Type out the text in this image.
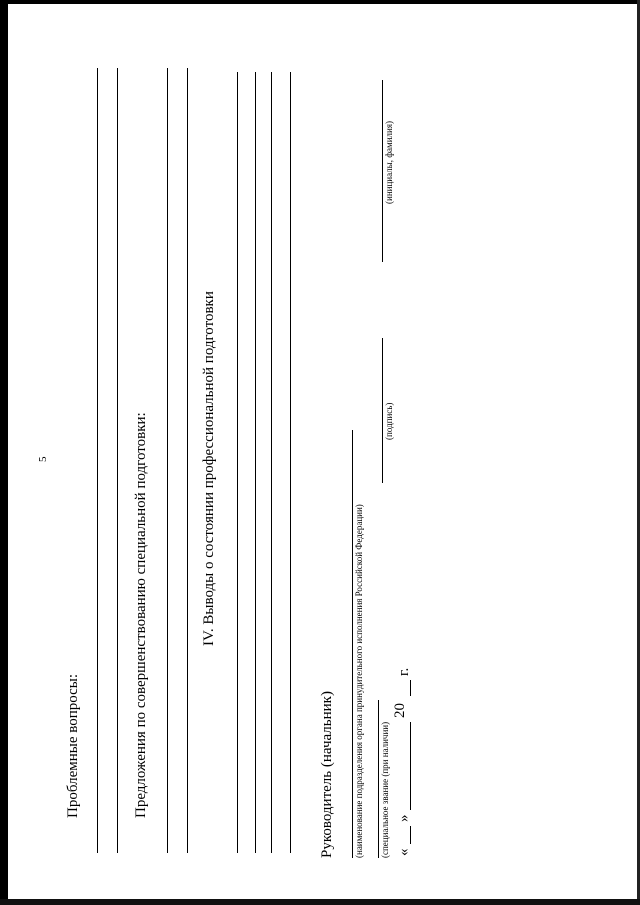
5
Проблемные вопросы:	Предложения по совершенствованию специальной подготовки:	IV. Выводы о состоянии профессиональной подготовки
Руководитель (начальник) (наименование подразделения органа принудительного исполнения Российской Федерации) (специальное звание (при наличии)
(подпись)
(инициалы, фамилия)
«
»
20
г.
